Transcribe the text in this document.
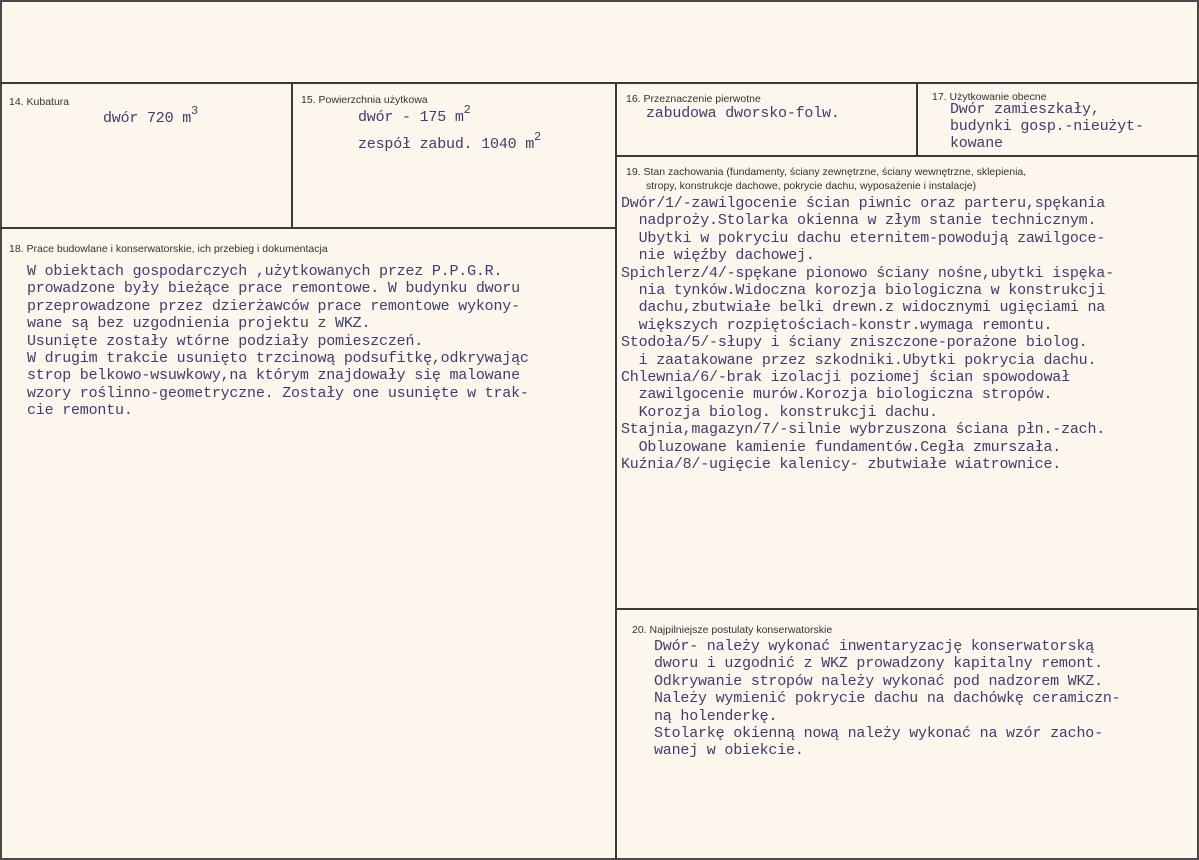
14. Kubatura
dwór 720 $m^3$
15. Powierzchnia użytkowa
dwór - 175 $m^2$
zespół zabud. 1040 $m^2$
16. Przeznaczenie pierwotne
zabudowa dworsko-folw.
17. Użytkowanie obecne
Dwór zamieszkały,
budynki gosp.-nieużyt-
kowane
18. Prace budowlane i konserwatorskie, ich przebieg i dokumentacja
W obiektach gospodarczych ,użytkowanych przez P.P.G.R.
prowadzone były bieżące prace remontowe. W budynku dworu
przeprowadzone przez dzierżawców prace remontowe wykony-
wane są bez uzgodnienia projektu z WKZ.
Usunięte zostały wtórne podziały pomieszczeń.
W drugim trakcie usunięto trzcinową podsufitkę,odkrywając
strop belkowo-wsuwkowy,na którym znajdowały się malowane
wzory roślinno-geometryczne. Zostały one usunięte w trak-
cie remontu.
19. Stan zachowania (fundamenty, ściany zewnętrzne, ściany wewnętrzne, sklepienia,
stropy, konstrukcje dachowe, pokrycie dachu, wyposażenie i instalacje)
Dwór/1/-zawilgocenie ścian piwnic oraz parteru,spękania
nadproży.Stolarka okienna w złym stanie technicznym.
Ubytki w pokryciu dachu eternitem-powodują zawilgoce-
nie więźby dachowej.
Spichlerz/4/-spękane pionowo ściany nośne,ubytki ispęka-
nia tynków.Widoczna korozja biologiczna w konstrukcji
dachu,zbutwiałe belki drewn.z widocznymi ugięciami na
większych rozpiętościach-konstr.wymaga remontu.
Stodoła/5/-słupy i ściany zniszczone-porażone biolog.
i zaatakowane przez szkodniki.Ubytki pokrycia dachu.
Chlewnia/6/-brak izolacji poziomej ścian spowodował
zawilgocenie murów.Korozja biologiczna stropów.
Korozja biolog. konstrukcji dachu.
Stajnia,magazyn/7/-silnie wybrzuszona ściana płn.-zach.
Obluzowane kamienie fundamentów.Cegła zmurszała.
Kuźnia/8/-ugięcie kalenicy- zbutwiałe wiatrownice.
20. Najpilniejsze postulaty konserwatorskie
Dwór- należy wykonać inwentaryzację konserwatorską
dworu i uzgodnić z WKZ prowadzony kapitalny remont.
Odkrywanie stropów należy wykonać pod nadzorem WKZ.
Należy wymienić pokrycie dachu na dachówkę ceramiczn-
ną holenderkę.
Stolarkę okienną nową należy wykonać na wzór zacho-
wanej w obiekcie.
